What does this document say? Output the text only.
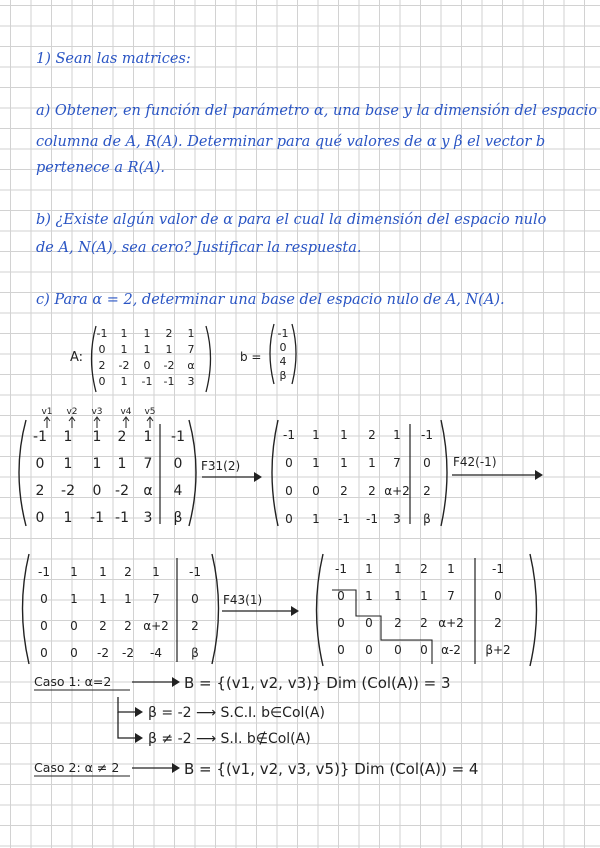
1) Sean las matrices:
a) Obtener, en función del parámetro α, una base y la dimensión del espacio
columna de A, R(A). Determinar para qué valores de α y β el vector b
pertenece a R(A).
b) ¿Existe algún valor de α para el cual la dimensión del espacio nulo
de A, N(A), sea cero? Justificar la respuesta.
c) Para α = 2, determinar una base del espacio nulo de A, N(A).
A:
-1 1 1 2 1
0 1 1 1 7
2 -2 0 -2 α
0 1 -1 -1 3
b =
-1
0
4
β
v1 v2 v3 v4 v5
-1 1 1 2 1
0 1 1 1 7
2 -2 0 -2 α
0 1 -1 -1 3
-1
0
4
β
F31(2)
-1 1 1 2 1
0 1 1 1 7
0 0 2 2 α+2
0 1 -1 -1 3
-1
0
2
β
F42(-1)
-1 1 1 2 1
0 1 1 1 7
0 0 2 2 α+2
0 0 -2 -2 -4
-1
0
2
β
F43(1)
-1 1 1 2 1
0 1 1 1 7
0 0 2 2 α+2
0 0 0 0 α-2
-1
0
2
β+2
Caso 1: α=2	B = {(v1, v2, v3)} Dim (Col(A)) = 3
β = -2 ⟶ S.C.I. b∈Col(A)
β ≠ -2 ⟶ S.I. b∉Col(A)
Caso 2: α ≠ 2	B = {(v1, v2, v3, v5)} Dim (Col(A)) = 4
